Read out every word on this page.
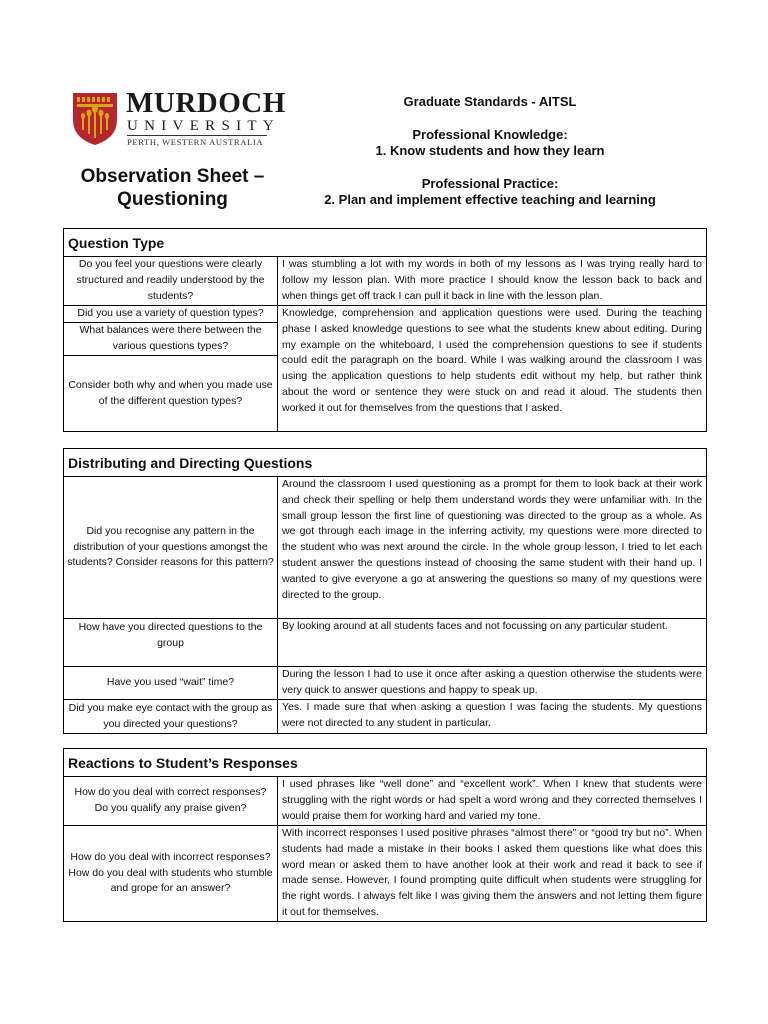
MURDOCH
UNIVERSITY
PERTH, WESTERN AUSTRALIA
Observation Sheet – Questioning
Graduate Standards - AITSL
Professional Knowledge:
1. Know students and how they learn
Professional Practice:
2. Plan and implement effective teaching and learning
Question Type
Do you feel your questions were clearly structured and readily understood by the students?
I was stumbling a lot with my words in both of my lessons as I was trying really hard to follow my lesson plan. With more practice I should know the lesson back to back and when things get off track I can pull it back in line with the lesson plan.
Did you use a variety of question types?	Knowledge, comprehension and application questions were used. During the teaching phase I asked knowledge questions to see what the students knew about editing. During my example on the whiteboard, I used the comprehension questions to see if students could edit the paragraph on the board. While I was walking around the classroom I was using the application questions to help students edit without my help, but rather think about the word or sentence they were stuck on and read it aloud. The students then worked it out for themselves from the questions that I asked.
What balances were there between the various questions types?
Consider both why and when you made use of the different question types?
Distributing and Directing Questions
Did you recognise any pattern in the distribution of your questions amongst the students? Consider reasons for this pattern?
Around the classroom I used questioning as a prompt for them to look back at their work and check their spelling or help them understand words they were unfamiliar with. In the small group lesson the first line of questioning was directed to the group as a whole. As we got through each image in the inferring activity, my questions were more directed to the student who was next around the circle. In the whole group lesson, I tried to let each student answer the questions instead of choosing the same student with their hand up. I wanted to give everyone a go at answering the questions so many of my questions were directed to the group.
How have you directed questions to the group
By looking around at all students faces and not focussing on any particular student.
Have you used “wait” time?
During the lesson I had to use it once after asking a question otherwise the students were very quick to answer questions and happy to speak up.
Did you make eye contact with the group as you directed your questions?
Yes. I made sure that when asking a question I was facing the students. My questions were not directed to any student in particular.
Reactions to Student’s Responses
How do you deal with correct responses? Do you qualify any praise given?
I used phrases like “well done” and “excellent work”. When I knew that students were struggling with the right words or had spelt a word wrong and they corrected themselves I would praise them for working hard and varied my tone.
How do you deal with incorrect responses? How do you deal with students who stumble and grope for an answer?
With incorrect responses I used positive phrases “almost there” or “good try but no”. When students had made a mistake in their books I asked them questions like what does this word mean or asked them to have another look at their work and read it back to see if made sense. However, I found prompting quite difficult when students were struggling for the right words. I always felt like I was giving them the answers and not letting them figure it out for themselves.
